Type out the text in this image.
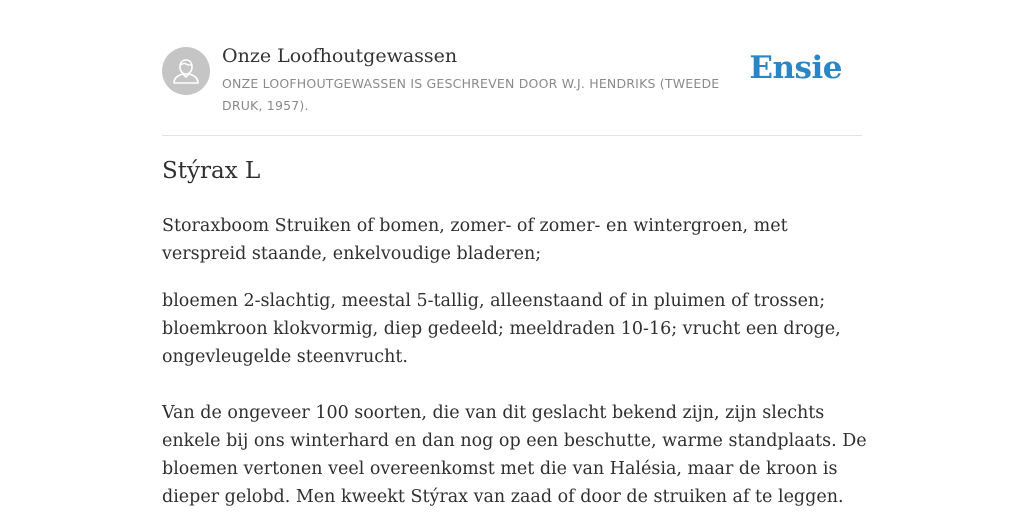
Onze Loofhoutgewassen
ONZE LOOFHOUTGEWASSEN IS GESCHREVEN DOOR W.J. HENDRIKS (TWEEDE DRUK, 1957).
Ensie
Stýrax L

Storaxboom Struiken of bomen, zomer- of zomer- en wintergroen, met verspreid staande, enkelvoudige bladeren;

bloemen 2-slachtig, meestal 5-tallig, alleenstaand of in pluimen of trossen; bloemkroon klokvormig, diep gedeeld; meeldraden 10-16; vrucht een droge, ongevleugelde steenvrucht.

Van de ongeveer 100 soorten, die van dit geslacht bekend zijn, zijn slechts enkele bij ons winterhard en dan nog op een beschutte, warme standplaats. De bloemen vertonen veel overeenkomst met die van Halésia, maar de kroon is dieper gelobd. Men kweekt Stýrax van zaad of door de struiken af te leggen.
